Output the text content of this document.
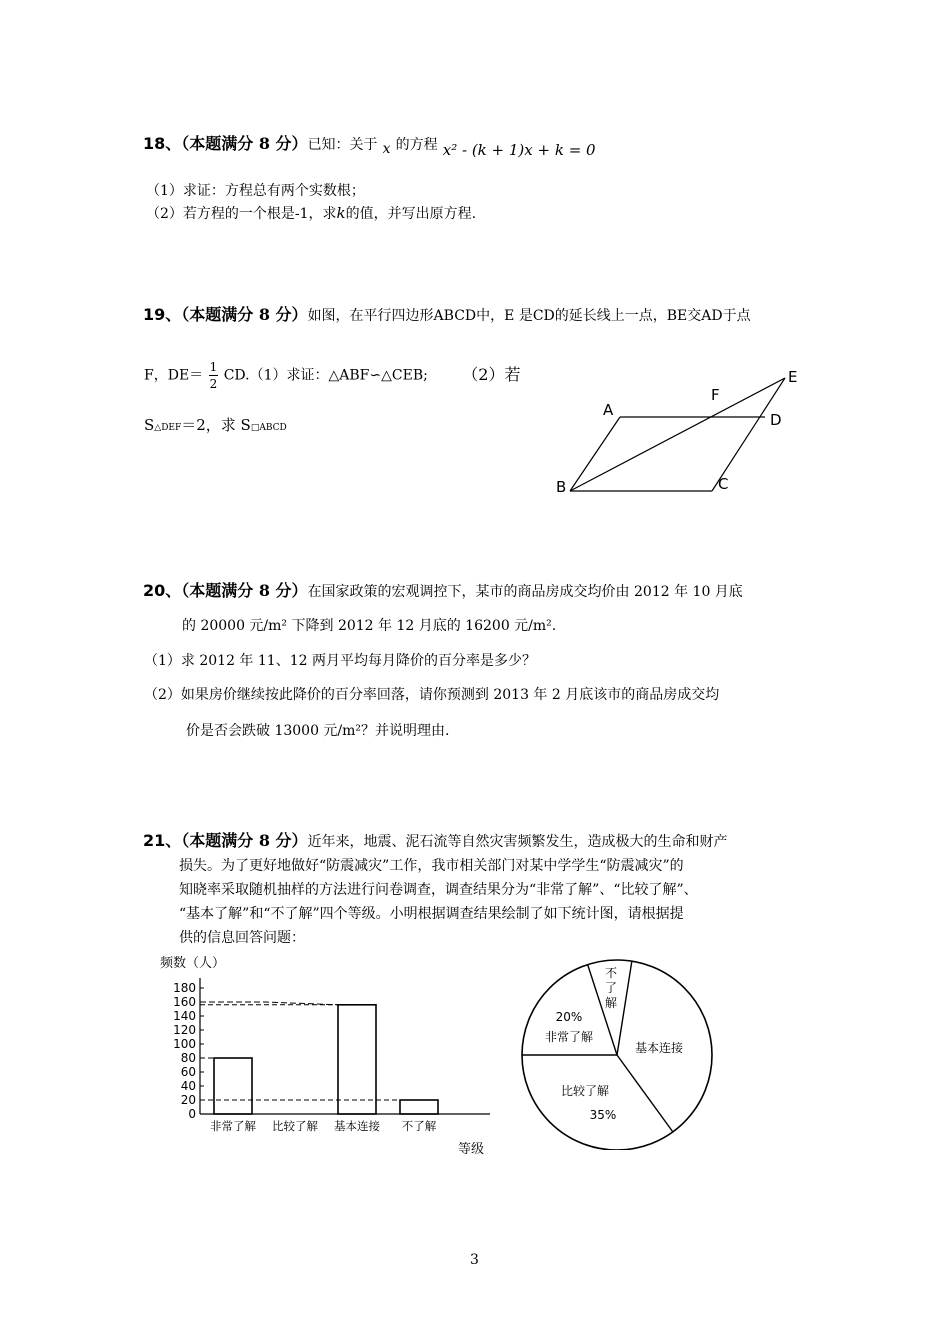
18、（本题满分 8 分）已知：关于 x 的方程 x² - (k + 1)x + k = 0
（1）求证：方程总有两个实数根；
（2）若方程的一个根是-1，求k的值，并写出原方程.
19、（本题满分 8 分）如图，在平行四边形ABCD中，E 是CD的延长线上一点，BE交AD于点
F，$DE= \frac{1}{2} CD.(1)$求证：△ABF∽△CEB; （2）若
S△DEF＝2，求 S□ABCD
A
B	C
D
E
F
20、（本题满分 8 分）在国家政策的宏观调控下，某市的商品房成交均价由 2012 年 10 月底
的 20000 元/m² 下降到 2012 年 12 月底的 16200 元/m².
（1）求 2012 年 11、12 两月平均每月降价的百分率是多少？
（2）如果房价继续按此降价的百分率回落，请你预测到 2013 年 2 月底该市的商品房成交均
价是否会跌破 13000 元/m²？并说明理由.
21、（本题满分 8 分）近年来，地震、泥石流等自然灾害频繁发生，造成极大的生命和财产
损失。为了更好地做好“防震减灾”工作，我市相关部门对某中学学生“防震减灾”的
知晓率采取随机抽样的方法进行问卷调查，调查结果分为“非常了解”、“比较了解”、
“基本了解”和“不了解”四个等级。小明根据调查结果绘制了如下统计图，请根据提
供的信息回答问题：
0
20
40
60
80
100
120
140
160
180
非常了解 比较了解 基本连接 不了解
频数（人）
等级
不
了
解
基本连接
比较了解
35%
20%
非常了解
3
